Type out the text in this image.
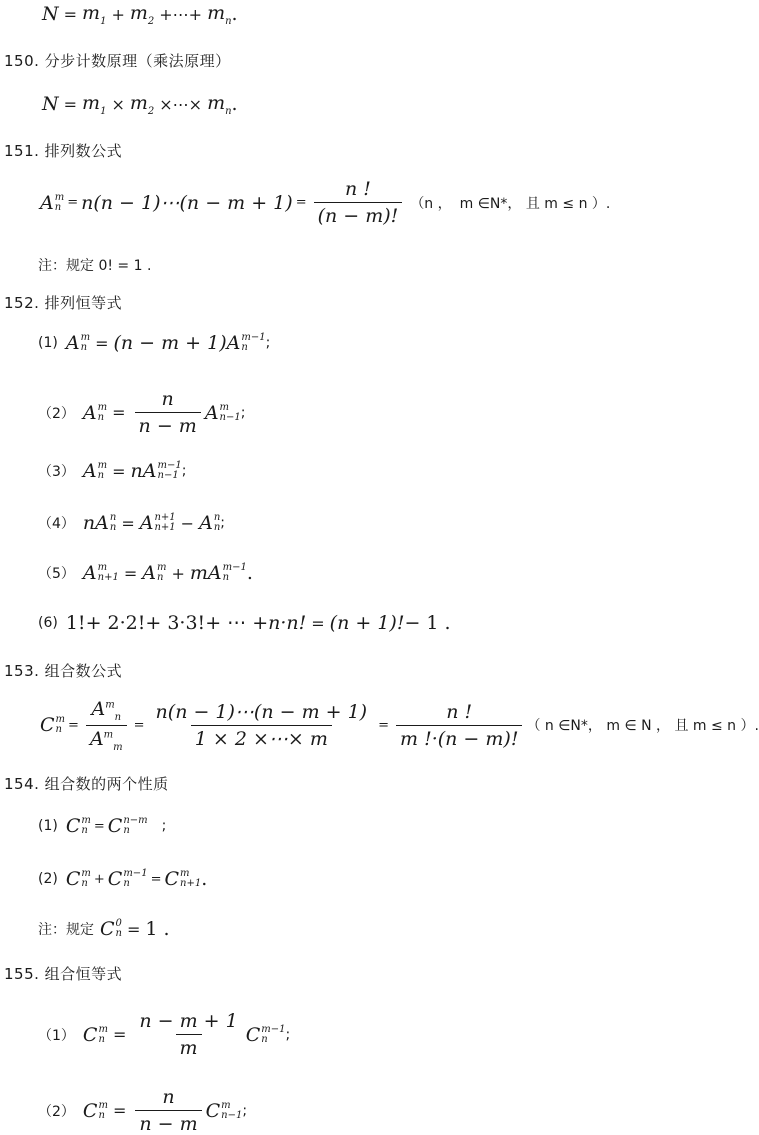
$N = m_1 + m_2$ +⋯+ $m_n$ .
150. 分步计数原理（乘法原理）
$N = m_1 \times m_2$ ×⋯× $m_n$ .
151. 排列数公式
A m
n = n(n − 1)⋯(n − $m + 1) = \frac{n !}{(n - m)!} (n$ ， m ∈N*， 且 m ≤ n ）.
注：规定 0! = 1 .
152. 排列恒等式
(1) A m
n = (n − m + 1)A m−1
n	;
（2） A m
$n = \frac{n}{n - m}$ A m
n−1 ;
（3） A m
n = nA m−1
n−1 ;
（4） nA n
n = A n+1
n+1 − A n
n ;
（5） A m
n+1 = A m
n + mA m−1
n .
(6) 1!+ 2·2!+ 3·3!+ ⋯ + n·n! = (n + 1)! − 1 .
153. 组合数公式
C m
$n = \frac{A^m_n}{A^m_m} = \frac{n(n - 1)\cdots(n - m + 1)}{1 \times 2 \times\cdots\times m} = \frac{n !}{m !\cdot(n - m)!}$ （ n ∈N*， m ∈ N ， 且 m ≤ n ）.
154. 组合数的两个性质
(1) C m
n = C n−m
n	;
(2) C m
n + C m−1
n	= C m
n+1 .
注：规定 C 0
n = 1 .
155. 组合恒等式
（1） C m
$n = \frac{n - m + 1}{m}$ C m−1
n	;
（2） C m
$n = \frac{n}{n - m}$ C m
n−1 ;
